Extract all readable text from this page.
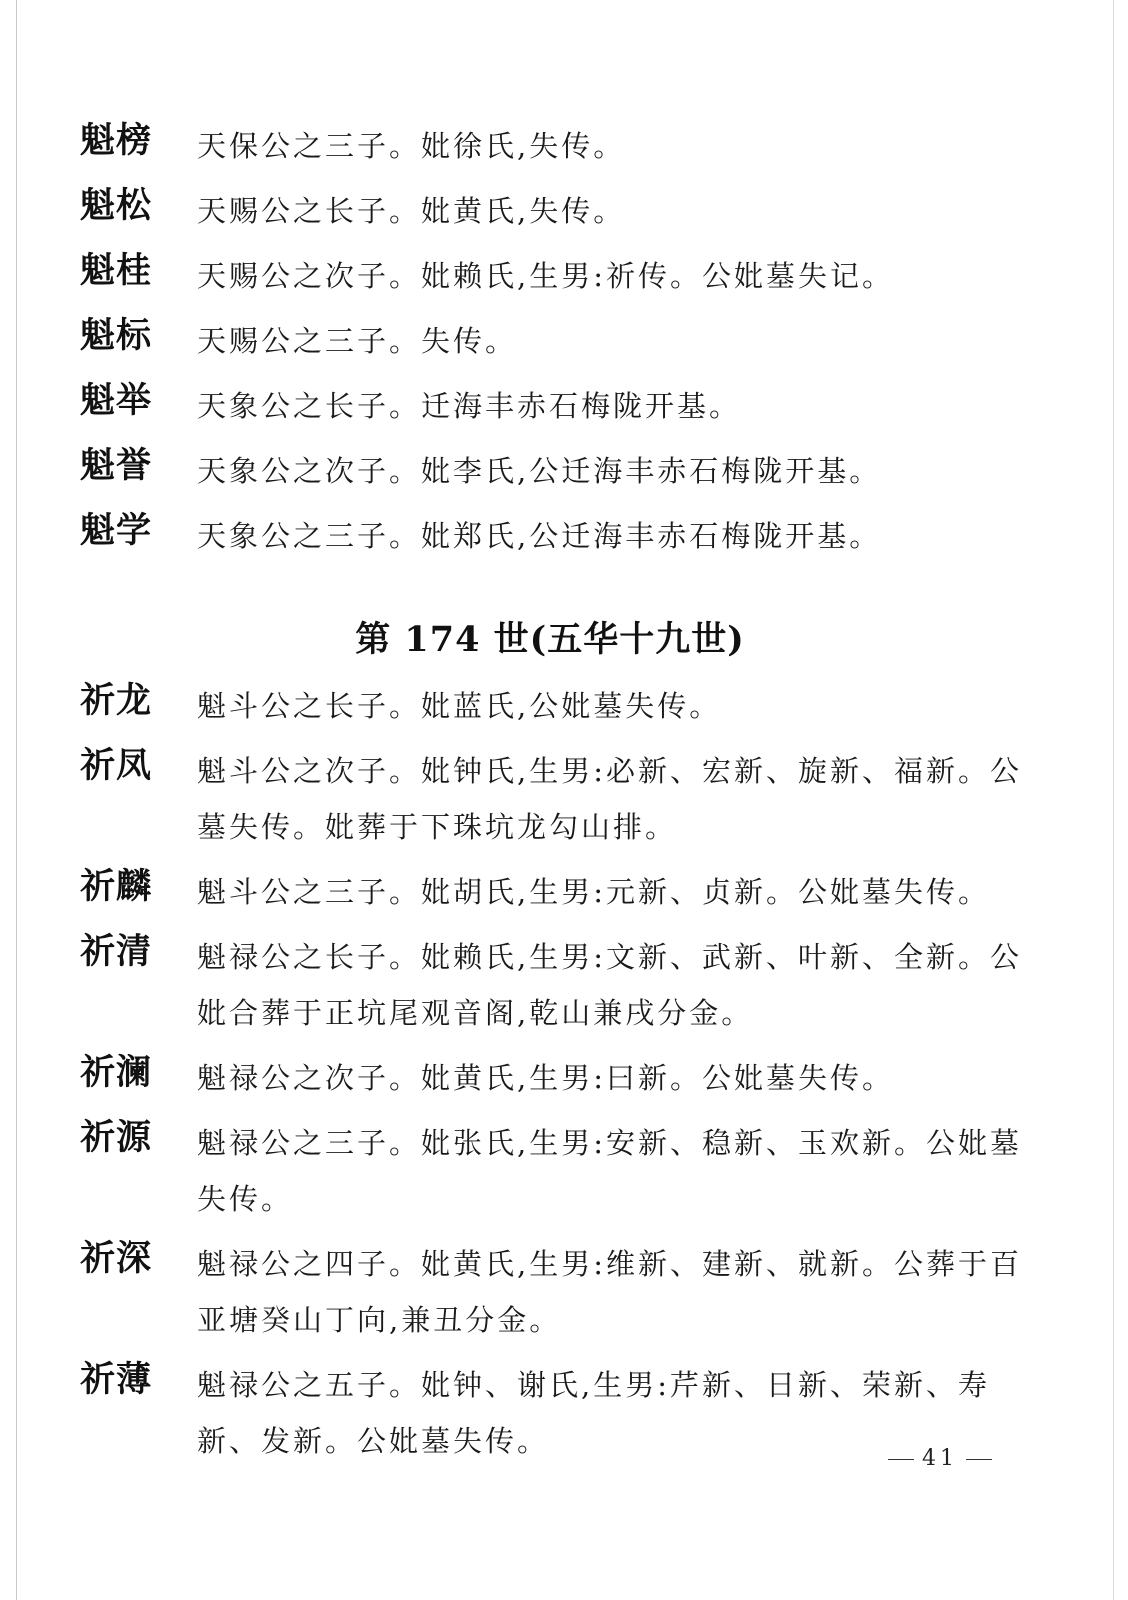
魁榜	天保公之三子。妣徐氏,失传。
魁松	天赐公之长子。妣黄氏,失传。
魁桂	天赐公之次子。妣赖氏,生男:祈传。公妣墓失记。
魁标	天赐公之三子。失传。
魁举	天象公之长子。迁海丰赤石梅陇开基。
魁誉	天象公之次子。妣李氏,公迁海丰赤石梅陇开基。
魁学	天象公之三子。妣郑氏,公迁海丰赤石梅陇开基。
第 174 世(五华十九世)
祈龙	魁斗公之长子。妣蓝氏,公妣墓失传。
祈凤	魁斗公之次子。妣钟氏,生男:必新、宏新、旋新、福新。公墓失传。妣葬于下珠坑龙勾山排。
祈麟	魁斗公之三子。妣胡氏,生男:元新、贞新。公妣墓失传。
祈清	魁禄公之长子。妣赖氏,生男:文新、武新、叶新、全新。公妣合葬于正坑尾观音阁,乾山兼戌分金。
祈澜	魁禄公之次子。妣黄氏,生男:曰新。公妣墓失传。
祈源	魁禄公之三子。妣张氏,生男:安新、稳新、玉欢新。公妣墓失传。
祈深	魁禄公之四子。妣黄氏,生男:维新、建新、就新。公葬于百亚塘癸山丁向,兼丑分金。
祈薄	魁禄公之五子。妣钟、谢氏,生男:芹新、日新、荣新、寿新、发新。公妣墓失传。
41
